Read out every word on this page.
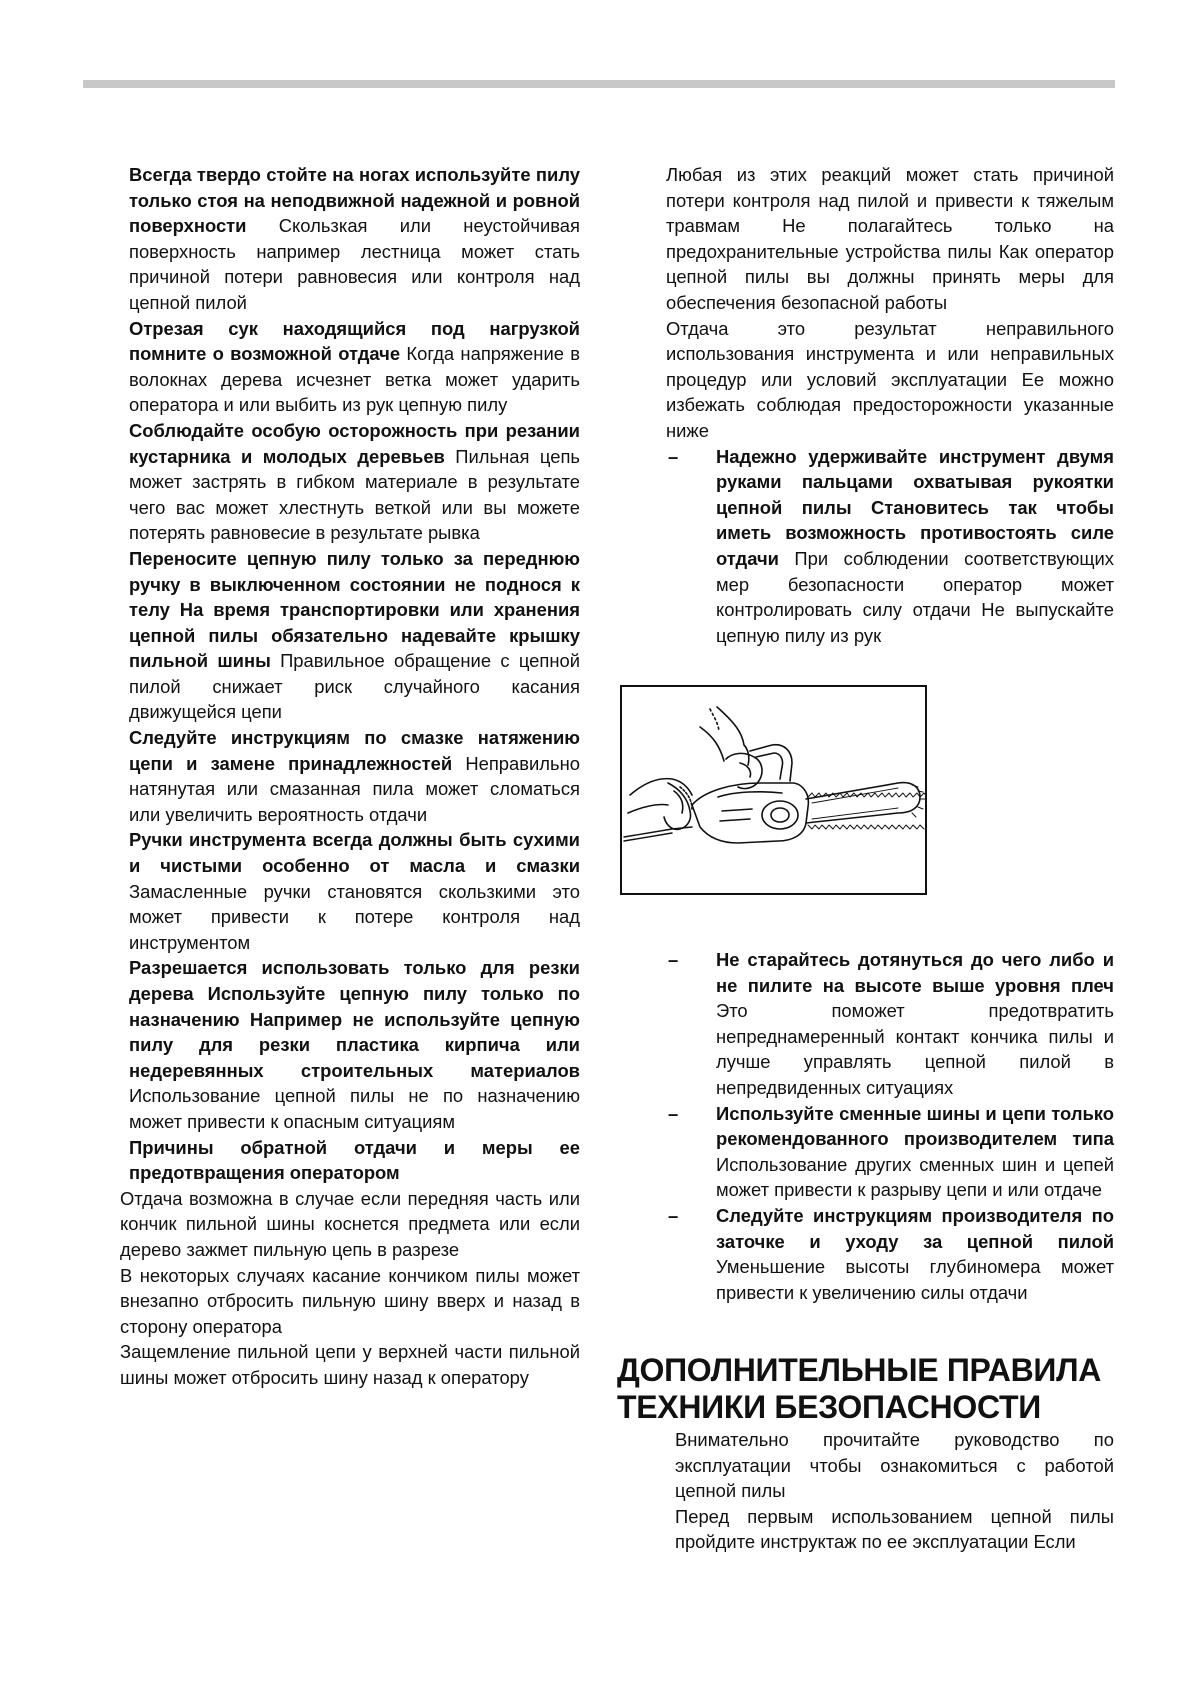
Всегда твердо стойте на ногах используйте пилу только стоя на неподвижной надежной и ровной поверхности Скользкая или неустойчивая поверхность например лестница может стать причиной потери равновесия или контроля над цепной пилой

Отрезая сук находящийся под нагрузкой помните о возможной отдаче Когда напряжение в волокнах дерева исчезнет ветка может ударить оператора и или выбить из рук цепную пилу

Соблюдайте особую осторожность при резании кустарника и молодых деревьев Пильная цепь может застрять в гибком материале в результате чего вас может хлестнуть веткой или вы можете потерять равновесие в результате рывка

Переносите цепную пилу только за переднюю ручку в выключенном состоянии не поднося к телу На время транспортировки или хранения цепной пилы обязательно надевайте крышку пильной шины Правильное обращение с цепной пилой снижает риск случайного касания движущейся цепи

Следуйте инструкциям по смазке натяжению цепи и замене принадлежностей Неправильно натянутая или смазанная пила может сломаться или увеличить вероятность отдачи

Ручки инструмента всегда должны быть сухими и чистыми особенно от масла и смазки Замасленные ручки становятся скользкими это может привести к потере контроля над инструментом

Разрешается использовать только для резки дерева Используйте цепную пилу только по назначению Например не используйте цепную пилу для резки пластика кирпича или недеревянных строительных материалов Использование цепной пилы не по назначению может привести к опасным ситуациям

Причины обратной отдачи и меры ее предотвращения оператором

Отдача возможна в случае если передняя часть или кончик пильной шины коснется предмета или если дерево зажмет пильную цепь в разрезе

В некоторых случаях касание кончиком пилы может внезапно отбросить пильную шину вверх и назад в сторону оператора

Защемление пильной цепи у верхней части пильной шины может отбросить шину назад к оператору

Любая из этих реакций может стать причиной потери контроля над пилой и привести к тяжелым травмам Не полагайтесь только на предохранительные устройства пилы Как оператор цепной пилы вы должны принять меры для обеспечения безопасной работы

Отдача это результат неправильного использования инструмента и или неправильных процедур или условий эксплуатации Ее можно избежать соблюдая предосторожности указанные ниже

– Надежно удерживайте инструмент двумя руками пальцами охватывая рукоятки цепной пилы Становитесь так чтобы иметь возможность противостоять силе отдачи При соблюдении соответствующих мер безопасности оператор может контролировать силу отдачи Не выпускайте цепную пилу из рук
– Не старайтесь дотянуться до чего либо и не пилите на высоте выше уровня плеч Это поможет предотвратить непреднамеренный контакт кончика пилы и лучше управлять цепной пилой в непредвиденных ситуациях
– Используйте сменные шины и цепи только рекомендованного производителем типа Использование других сменных шин и цепей может привести к разрыву цепи и или отдаче
– Следуйте инструкциям производителя по заточке и уходу за цепной пилой Уменьшение высоты глубиномера может привести к увеличению силы отдачи
ДОПОЛНИТЕЛЬНЫЕ ПРАВИЛА
ТЕХНИКИ БЕЗОПАСНОСТИ

Внимательно прочитайте руководство по эксплуатации чтобы ознакомиться с работой цепной пилы

Перед первым использованием цепной пилы пройдите инструктаж по ее эксплуатации Если
